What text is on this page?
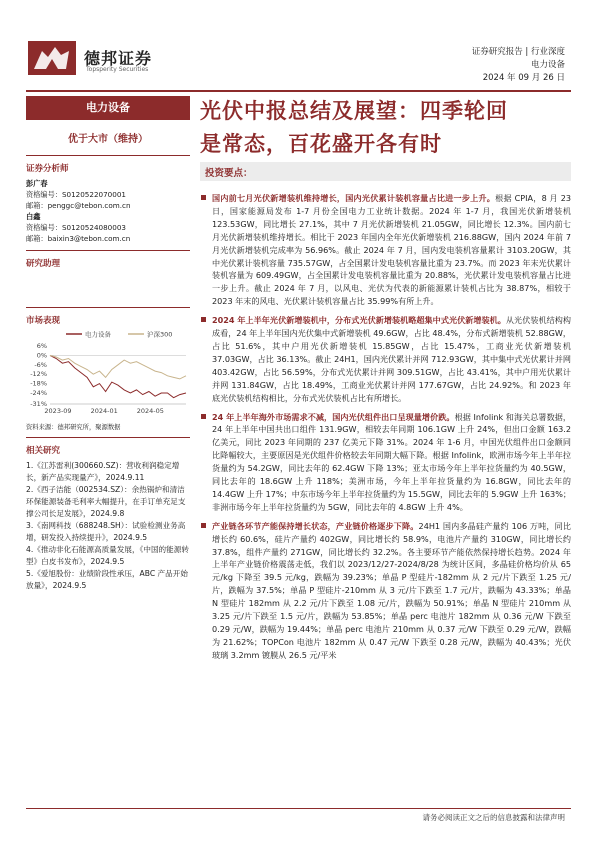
德邦证券
Topsperity Securities
证券研究报告 | 行业深度
电力设备
2024 年 09 月 26 日
电力设备
优于大市（维持）
证券分析师
彭广春
资格编号：S0120522070001
邮箱：penggc@tebon.com.cn
白鑫
资格编号：S0120524080003
邮箱：baixin3@tebon.com.cn
研究助理
市场表现
电力设备	沪深300
6%
0%
-6%
-12%
-18%
-24%
-31%
2023-09	2024-01	2024-05
资料来源：德邦研究所，聚源数据
相关研究

1.《江苏雷利(300660.SZ)：营收利润稳定增长，新产品实现量产》，2024.9.11

2.《西子洁能（002534.SZ）：余热锅炉和清洁环保能源装备毛利率大幅提升，在手订单充足支撑公司长足发展》，2024.9.8

3.《南网科技（688248.SH）：试验检测业务高增，研发投入持续提升》，2024.9.5

4.《推动非化石能源高质量发展，《中国的能源转型》白皮书发布》，2024.9.5

5.《爱旭股份：业绩阶段性承压，ABC 产品开始放量》，2024.9.5

光伏中报总结及展望：四季轮回
是常态，百花盛开各有时
投资要点：
国内前七月光伏新增装机维持增长，国内光伏累计装机容量占比进一步上升。根据 CPIA，8 月 23 日，国家能源局发布 1-7 月份全国电力工业统计数据。2024 年 1-7 月，我国光伏新增装机 123.53GW，同比增长 27.1%，其中 7 月光伏新增装机 21.05GW，同比增长 12.3%。国内前七月光伏新增装机维持增长。相比于 2023 年国内全年光伏新增装机 216.88GW，国内 2024 年前 7 月光伏新增装机完成率为 56.96%。截止 2024 年 7 月，国内发电装机容量累计 3103.20GW，其中光伏累计装机容量 735.57GW，占全国累计发电装机容量比重为 23.7%。而 2023 年末光伏累计装机容量为 609.49GW，占全国累计发电装机容量比重为 20.88%，光伏累计发电装机容量占比进一步上升。截止 2024 年 7 月，以风电、光伏为代表的新能源累计装机占比为 38.87%，相较于 2023 年末的风电、光伏累计装机容量占比 35.99%有所上升。
2024 年上半年光伏新增装机中，分布式光伏新增装机略超集中式光伏新增装机。从光伏装机结构构成看，24 年上半年国内光伏集中式新增装机 49.6GW，占比 48.4%，分布式新增装机 52.88GW，占比 51.6%，其中户用光伏新增装机 15.85GW，占比 15.47%，工商业光伏新增装机 37.03GW，占比 36.13%。截止 24H1，国内光伏累计并网 712.93GW，其中集中式光伏累计并网 403.42GW，占比 56.59%，分布式光伏累计并网 309.51GW，占比 43.41%，其中户用光伏累计并网 131.84GW，占比 18.49%，工商业光伏累计并网 177.67GW，占比 24.92%。和 2023 年底光伏装机结构相比，分布式光伏装机占比有所增长。
24 年上半年海外市场需求不减，国内光伏组件出口呈现量增价跌。根据 Infolink 和海关总署数据，24 年上半年中国共出口组件 131.9GW，相较去年同期 106.1GW 上升 24%，但出口金额 163.2 亿美元，同比 2023 年同期的 237 亿美元下降 31%。2024 年 1-6 月，中国光伏组件出口金额同比降幅较大，主要原因是光伏组件价格较去年同期大幅下降。根据 Infolink，欧洲市场今年上半年拉货量约为 54.2GW，同比去年的 62.4GW 下降 13%；亚太市场今年上半年拉货量约为 40.5GW，同比去年的 18.6GW 上升 118%；美洲市场，今年上半年拉货量约为 16.8GW，同比去年的 14.4GW 上升 17%；中东市场今年上半年拉货量约为 15.5GW，同比去年的 5.9GW 上升 163%；非洲市场今年上半年拉货量约为 5GW，同比去年的 4.8GW 上升 4%。
产业链各环节产能保持增长状态，产业链价格逐步下降。24H1 国内多晶硅产量约 106 万吨，同比增长约 60.6%，硅片产量约 402GW，同比增长约 58.9%，电池片产量约 310GW，同比增长约 37.8%，组件产量约 271GW，同比增长约 32.2%。各主要环节产能依然保持增长趋势。2024 年上半年产业链价格震荡走低，我们以 2023/12/27-2024/8/28 为统计区间，多晶硅价格均价从 65 元/kg 下降至 39.5 元/kg，跌幅为 39.23%；单晶 P 型硅片-182mm 从 2 元/片下跌至 1.25 元/片，跌幅为 37.5%；单晶 P 型硅片-210mm 从 3 元/片下跌至 1.7 元/片，跌幅为 43.33%；单晶 N 型硅片 182mm 从 2.2 元/片下跌至 1.08 元/片，跌幅为 50.91%；单晶 N 型硅片 210mm 从 3.25 元/片下跌至 1.5 元/片，跌幅为 53.85%；单晶 perc 电池片 182mm 从 0.36 元/W 下跌至 0.29 元/W，跌幅为 19.44%；单晶 perc 电池片 210mm 从 0.37 元/W 下跌至 0.29 元/W，跌幅为 21.62%；TOPCon 电池片 182mm 从 0.47 元/W 下跌至 0.28 元/W，跌幅为 40.43%；光伏玻璃 3.2mm 镀膜从 26.5 元/平米
请务必阅读正文之后的信息披露和法律声明
